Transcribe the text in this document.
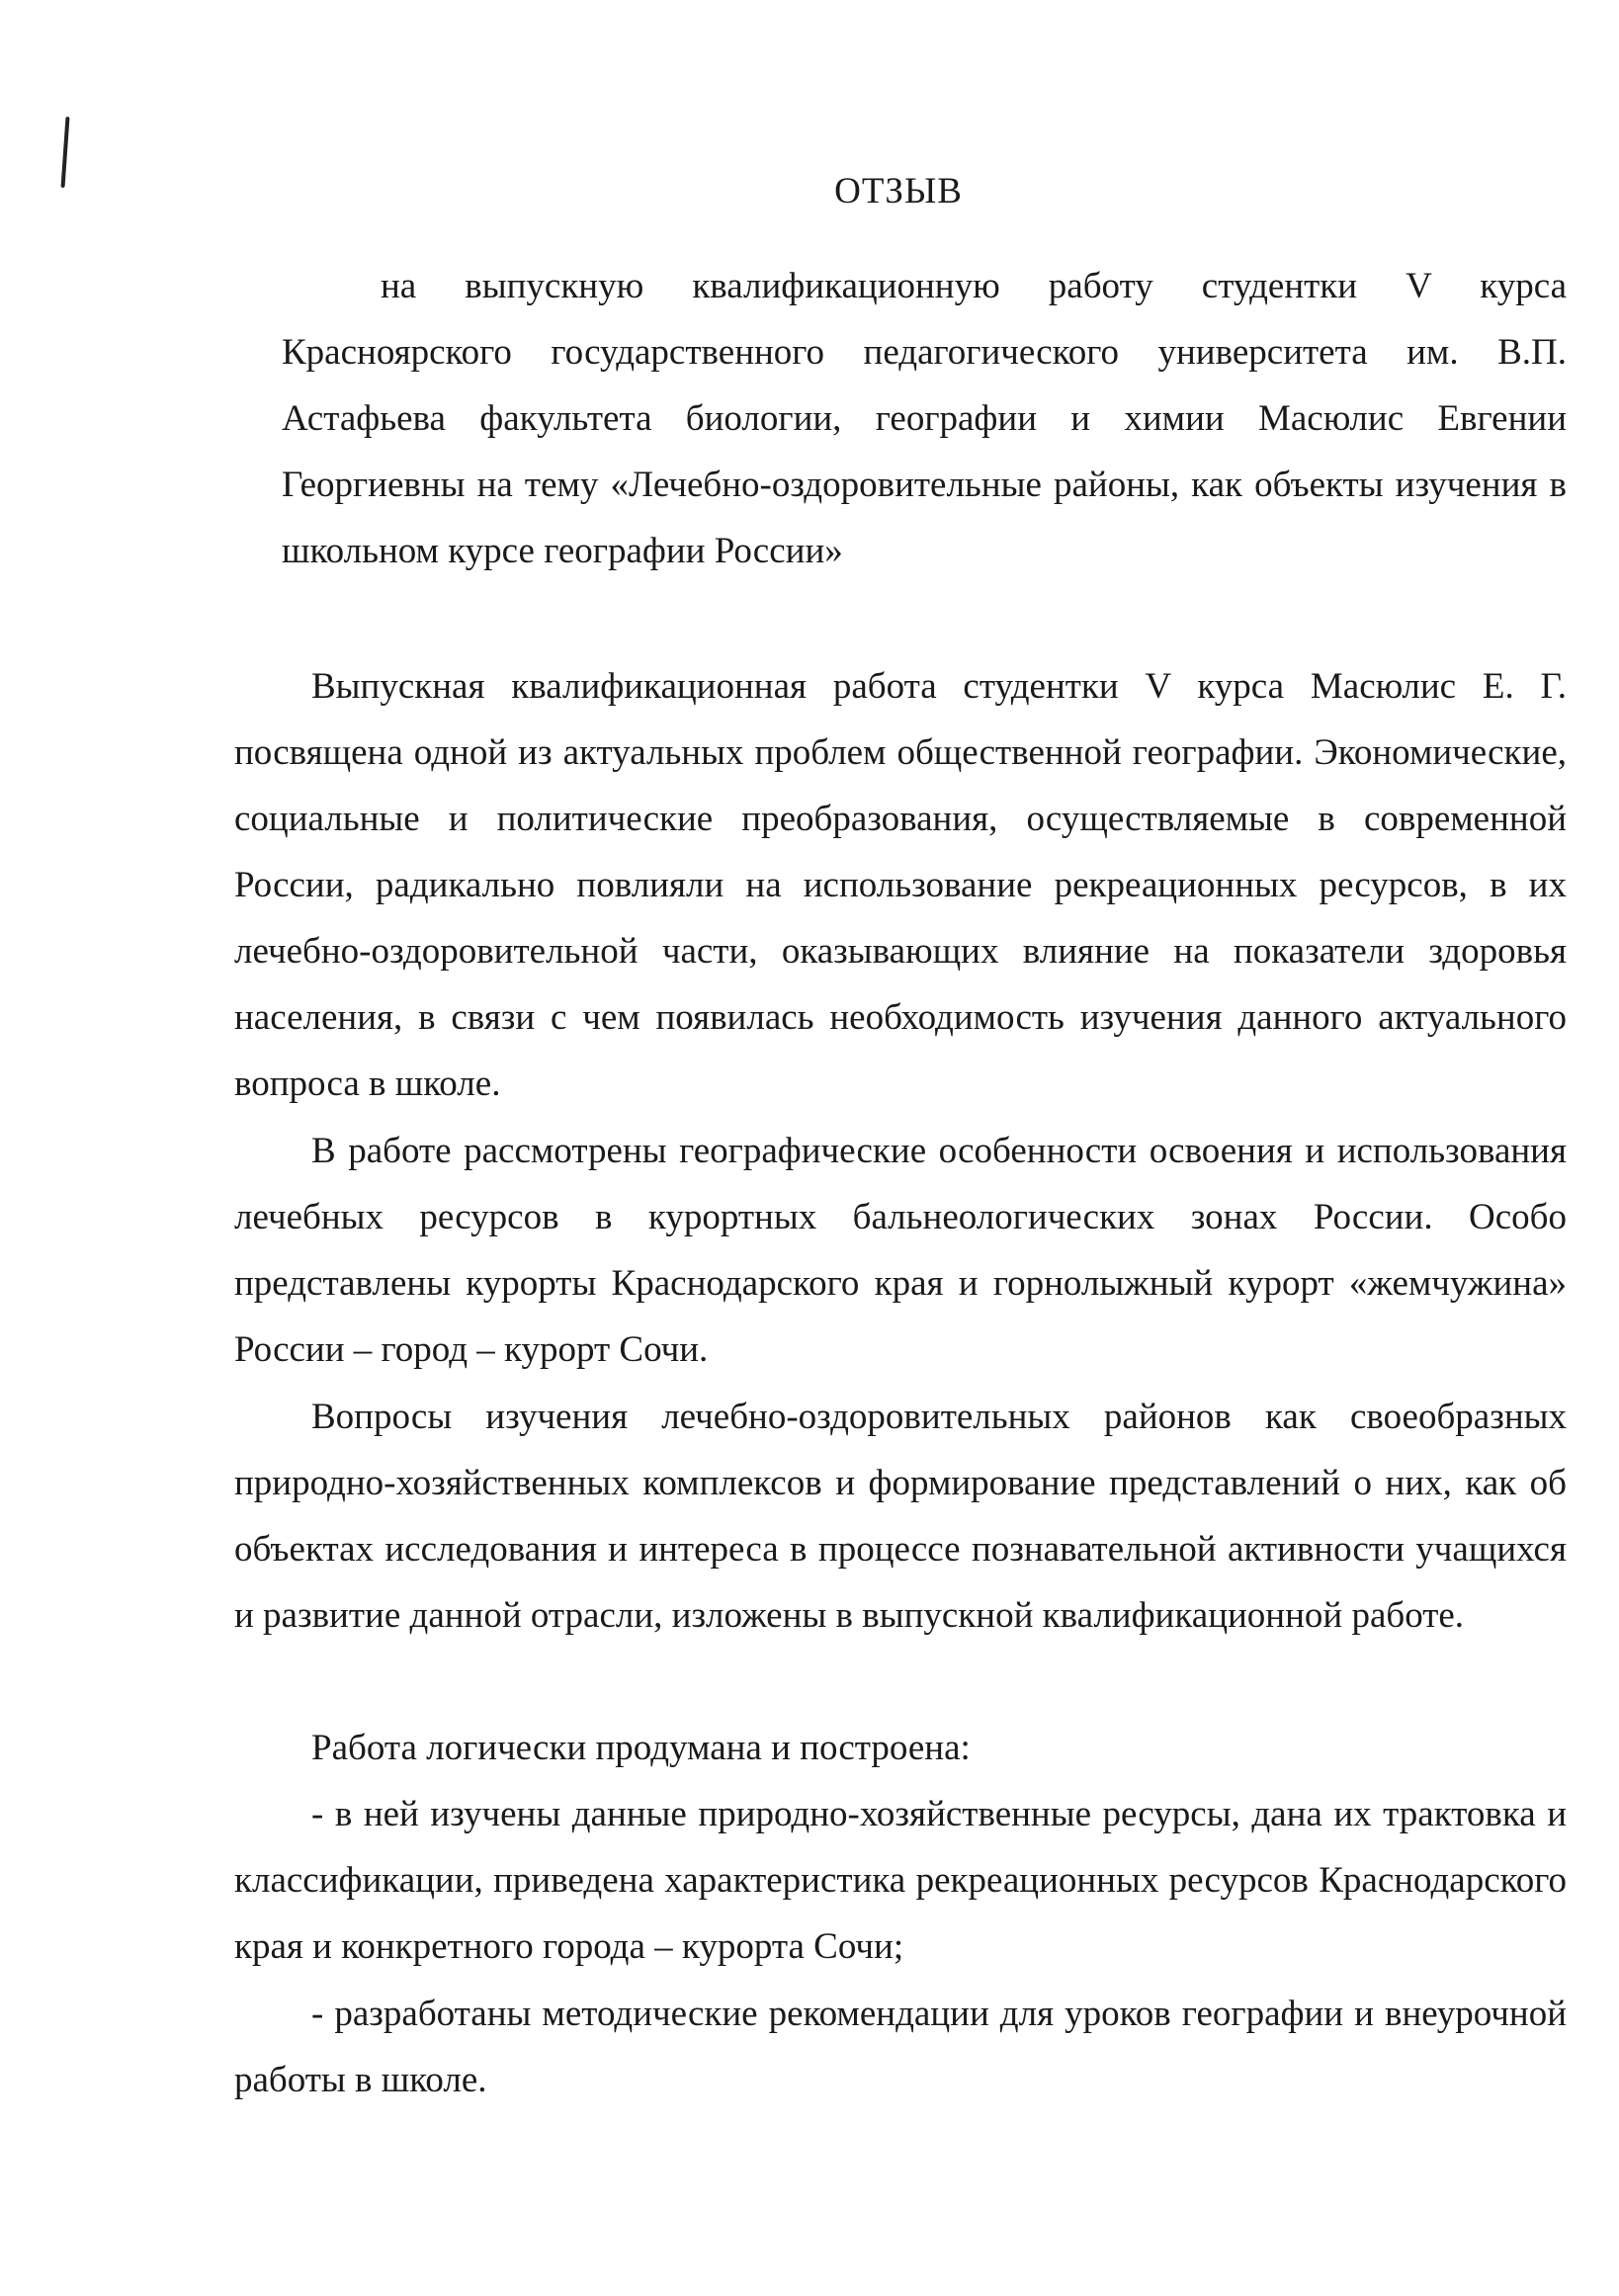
ОТЗЫВ
на выпускную квалификационную работу студентки V курса Красноярского государственного педагогического университета им. В.П. Астафьева факультета биологии, географии и химии Масюлис Евгении Георгиевны на тему «Лечебно-оздоровительные районы, как объекты изучения в школьном курсе географии России»
Выпускная квалификационная работа студентки V курса Масюлис Е. Г. посвящена одной из актуальных проблем общественной географии. Экономические, социальные и политические преобразования, осуществляемые в современной России, радикально повлияли на использование рекреационных ресурсов, в их лечебно-оздоровительной части, оказывающих влияние на показатели здоровья населения, в связи с чем появилась необходимость изучения данного актуального вопроса в школе.
В работе рассмотрены географические особенности освоения и использования лечебных ресурсов в курортных бальнеологических зонах России. Особо представлены курорты Краснодарского края и горнолыжный курорт «жемчужина» России – город – курорт Сочи.
Вопросы изучения лечебно-оздоровительных районов как своеобразных природно-хозяйственных комплексов и формирование представлений о них, как об объектах исследования и интереса в процессе познавательной активности учащихся и развитие данной отрасли, изложены в выпускной квалификационной работе.
Работа логически продумана и построена:
- в ней изучены данные природно-хозяйственные ресурсы, дана их трактовка и классификации, приведена характеристика рекреационных ресурсов Краснодарского края и конкретного города – курорта Сочи;
- разработаны методические рекомендации для уроков географии и внеурочной работы в школе.
